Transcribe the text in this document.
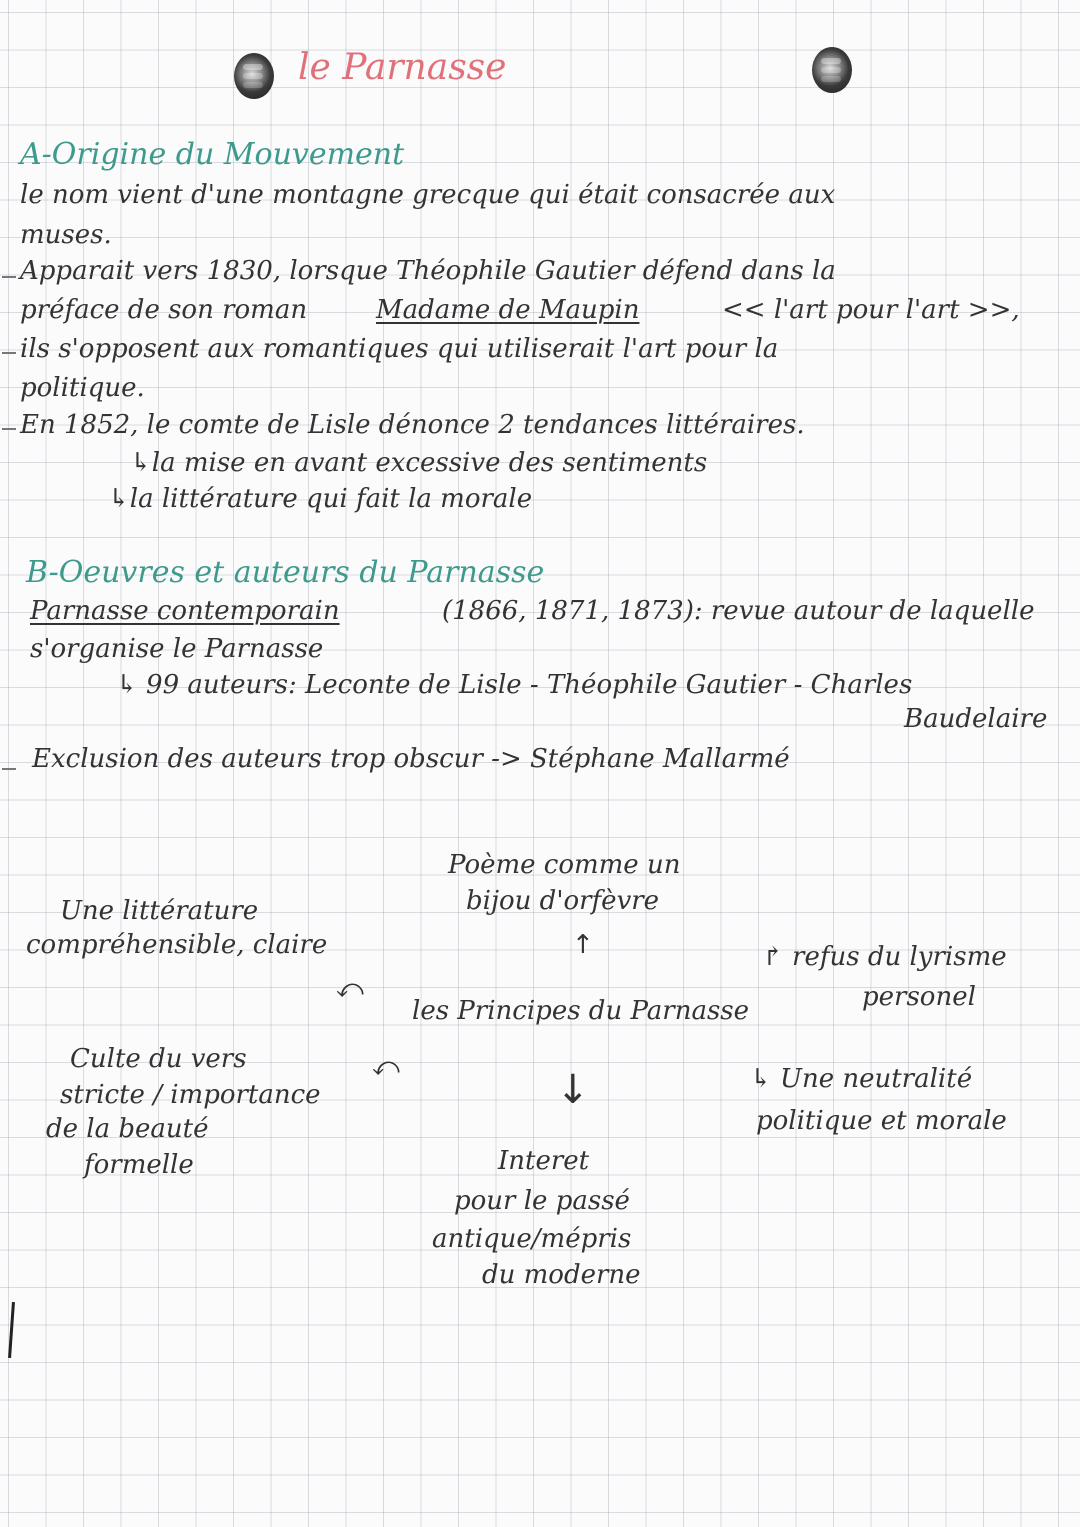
le Parnasse
A-Origine du Mouvement
le nom vient d'une montagne grecque qui était consacrée aux
muses.
Apparait vers 1830, lorsque Théophile Gautier défend dans la
préface de son roman	Madame de Maupin	<< l'art pour l'art >>,
ils s'opposent aux romantiques qui utiliserait l'art pour la
politique.
En 1852, le comte de Lisle dénonce 2 tendances littéraires.
↳la mise en avant excessive des sentiments
↳la littérature qui fait la morale
B-Oeuvres et auteurs du Parnasse
Parnasse contemporain	(1866, 1871, 1873): revue autour de laquelle
s'organise le Parnasse
↳ 99 auteurs: Leconte de Lisle - Théophile Gautier - Charles
Baudelaire
Exclusion des auteurs trop obscur -> Stéphane Mallarmé
Poème comme un
bijou d'orfèvre
↑
Une littérature
compréhensible, claire
⤺
les Principes du Parnasse
↱ refus du lyrisme
personel
⤺
Culte du vers
stricte / importance
de la beauté
formelle
↳ Une neutralité
politique et morale
↓
Interet
pour le passé
antique/mépris
du moderne
